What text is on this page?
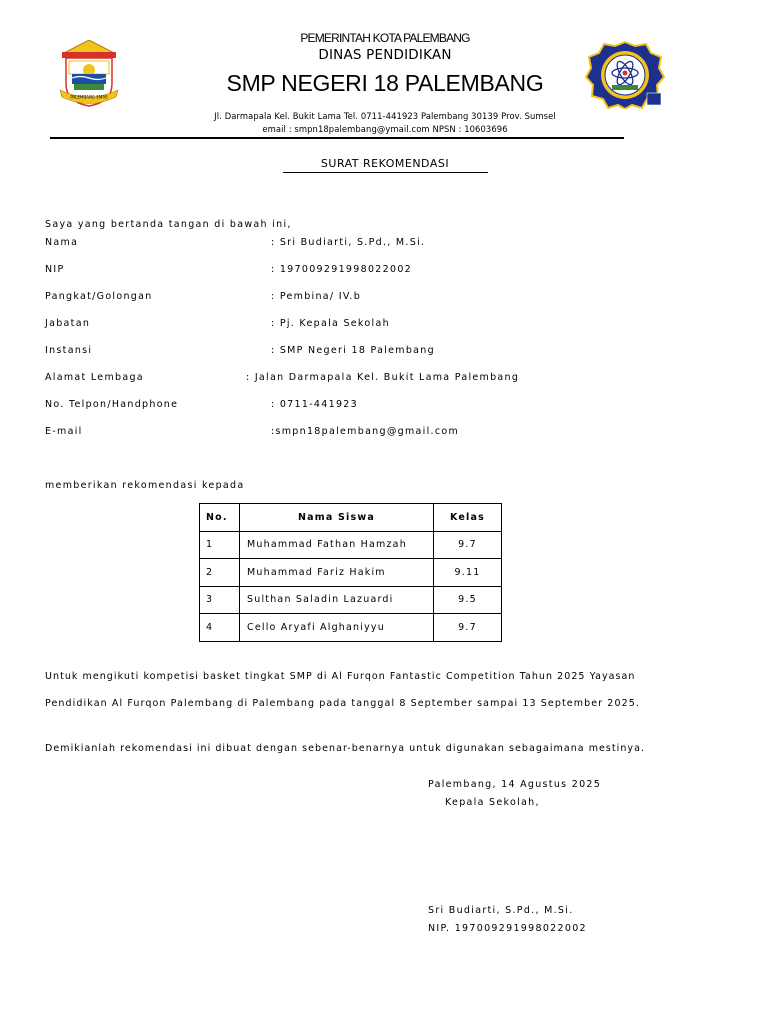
PALEMBANG EMAS
PEMERINTAH KOTA PALEMBANG
DINAS PENDIDIKAN
SMP NEGERI 18 PALEMBANG
Jl. Darmapala Kel. Bukit Lama Tel. 0711-441923 Palembang 30139 Prov. Sumsel
email : smpn18palembang@ymail.com NPSN : 10603696
SURAT REKOMENDASI
Saya yang bertanda tangan di bawah ini,
Nama	: Sri Budiarti, S.Pd., M.Si.
NIP	: 197009291998022002
Pangkat/Golongan	: Pembina/ IV.b
Jabatan	: Pj. Kepala Sekolah
Instansi	: SMP Negeri 18 Palembang
Alamat Lembaga	: Jalan Darmapala Kel. Bukit Lama Palembang
No. Telpon/Handphone	: 0711-441923
E-mail	:smpn18palembang@gmail.com
memberikan rekomendasi kepada
No.	Nama Siswa	Kelas
1	Muhammad Fathan Hamzah	9.7
2	Muhammad Fariz Hakim	9.11
3	Sulthan Saladin Lazuardi	9.5
4	Cello Aryafi Alghaniyyu	9.7
Untuk mengikuti kompetisi basket tingkat SMP di Al Furqon Fantastic Competition Tahun 2025 Yayasan
Pendidikan Al Furqon Palembang di Palembang pada tanggal 8 September sampai 13 September 2025.
Demikianlah rekomendasi ini dibuat dengan sebenar-benarnya untuk digunakan sebagaimana mestinya.
Palembang, 14 Agustus 2025
Kepala Sekolah,
Sri Budiarti, S.Pd., M.Si.
NIP. 197009291998022002
